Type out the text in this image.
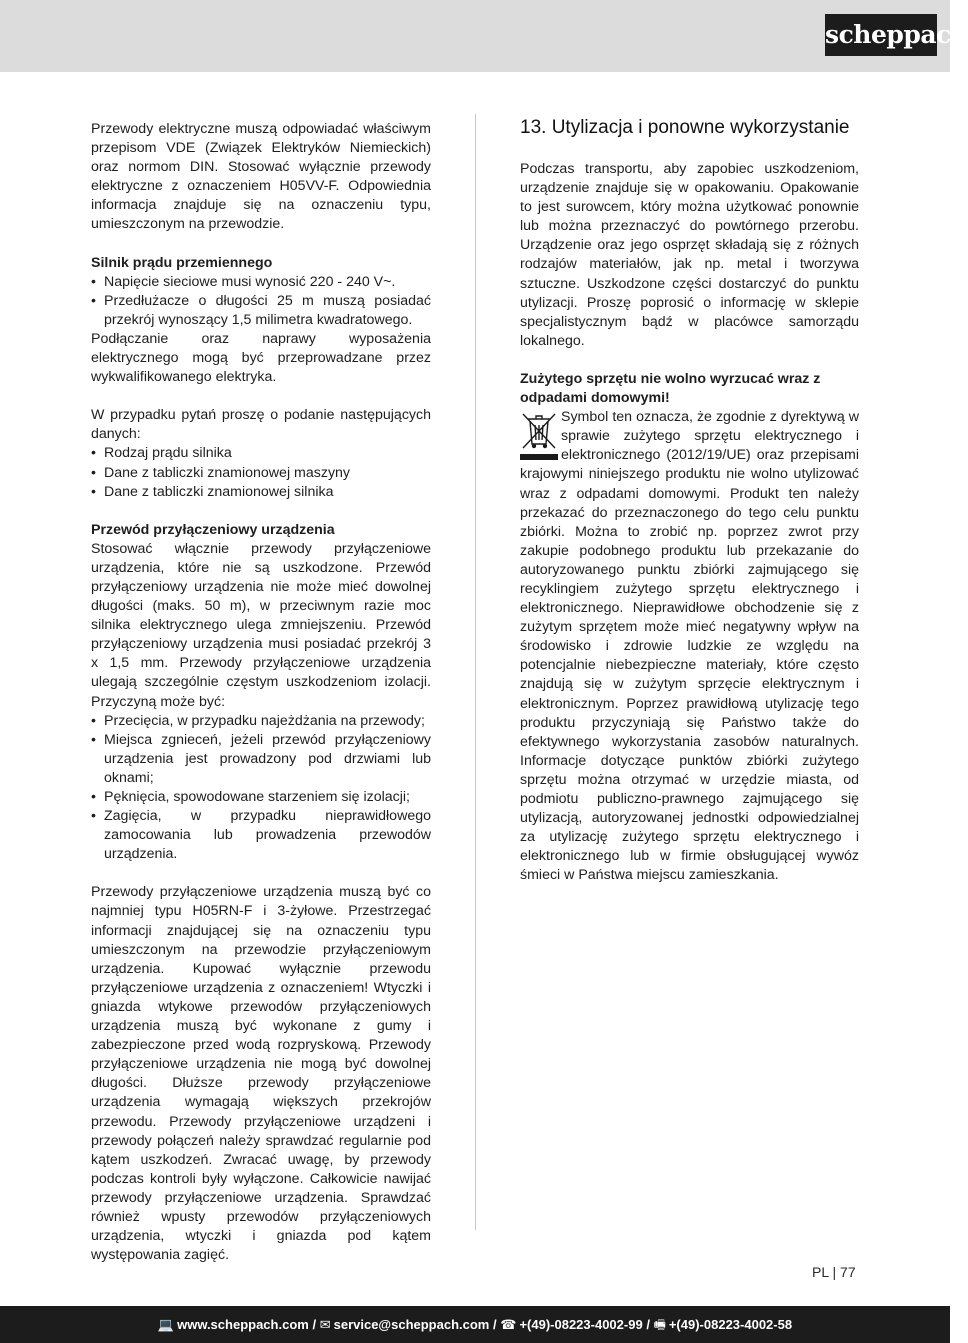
scheppach

Przewody elektryczne muszą odpowiadać właściwym przepisom VDE (Związek Elektryków Niemieckich) oraz normom DIN. Stosować wyłącznie przewody elektryczne z oznaczeniem H05VV-F. Odpowiednia informacja znajduje się na oznaczeniu typu, umieszczonym na przewodzie.

Silnik prądu przemiennego
• Napięcie sieciowe musi wynosić 220 - 240 V~.
• Przedłużacze o długości 25 m muszą posiadać przekrój wynoszący 1,5 milimetra kwadratowego.

Podłączanie oraz naprawy wyposażenia elektrycznego mogą być przeprowadzane przez wykwalifikowanego elektryka.

W przypadku pytań proszę o podanie następujących danych:

• Rodzaj prądu silnika
• Dane z tabliczki znamionowej maszyny
• Dane z tabliczki znamionowej silnika
Przewód przyłączeniowy urządzenia

Stosować włącznie przewody przyłączeniowe urządzenia, które nie są uszkodzone. Przewód przyłączeniowy urządzenia nie może mieć dowolnej długości (maks. 50 m), w przeciwnym razie moc silnika elektrycznego ulega zmniejszeniu. Przewód przyłączeniowy urządzenia musi posiadać przekrój 3 x 1,5 mm. Przewody przyłączeniowe urządzenia ulegają szczególnie częstym uszkodzeniom izolacji. Przyczyną może być:

• Przecięcia, w przypadku najeżdżania na przewody;
• Miejsca zgnieceń, jeżeli przewód przyłączeniowy urządzenia jest prowadzony pod drzwiami lub oknami;
• Pęknięcia, spowodowane starzeniem się izolacji;
• Zagięcia, w przypadku nieprawidłowego zamocowania lub prowadzenia przewodów urządzenia.

Przewody przyłączeniowe urządzenia muszą być co najmniej typu H05RN-F i 3-żyłowe. Przestrzegać informacji znajdującej się na oznaczeniu typu umieszczonym na przewodzie przyłączeniowym urządzenia. Kupować wyłącznie przewodu przyłączeniowe urządzenia z oznaczeniem! Wtyczki i gniazda wtykowe przewodów przyłączeniowych urządzenia muszą być wykonane z gumy i zabezpieczone przed wodą rozpryskową. Przewody przyłączeniowe urządzenia nie mogą być dowolnej długości. Dłuższe przewody przyłączeniowe urządzenia wymagają większych przekrojów przewodu. Przewody przyłączeniowe urządzeni i przewody połączeń należy sprawdzać regularnie pod kątem uszkodzeń. Zwracać uwagę, by przewody podczas kontroli były wyłączone. Całkowicie nawijać przewody przyłączeniowe urządzenia. Sprawdzać również wpusty przewodów przyłączeniowych urządzenia, wtyczki i gniazda pod kątem występowania zagięć.

13. Utylizacja i ponowne wykorzystanie

Podczas transportu, aby zapobiec uszkodzeniom, urządzenie znajduje się w opakowaniu. Opakowanie to jest surowcem, który można użytkować ponownie lub można przeznaczyć do powtórnego przerobu. Urządzenie oraz jego osprzęt składają się z różnych rodzajów materiałów, jak np. metal i tworzywa sztuczne. Uszkodzone części dostarczyć do punktu utylizacji. Proszę poprosić o informację w sklepie specjalistycznym bądź w placówce samorządu lokalnego.

Zużytego sprzętu nie wolno wyrzucać wraz z odpadami domowymi!

Symbol ten oznacza, że zgodnie z dyrektywą w sprawie zużytego sprzętu elektrycznego i elektronicznego (2012/19/UE) oraz przepisami krajowymi niniejszego produktu nie wolno utylizować wraz z odpadami domowymi. Produkt ten należy przekazać do przeznaczonego do tego celu punktu zbiórki. Można to zrobić np. poprzez zwrot przy zakupie podobnego produktu lub przekazanie do autoryzowanego punktu zbiórki zajmującego się recyklingiem zużytego sprzętu elektrycznego i elektronicznego. Nieprawidłowe obchodzenie się z zużytym sprzętem może mieć negatywny wpływ na środowisko i zdrowie ludzkie ze względu na potencjalnie niebezpieczne materiały, które często znajdują się w zużytym sprzęcie elektrycznym i elektronicznym. Poprzez prawidłową utylizację tego produktu przyczyniają się Państwo także do efektywnego wykorzystania zasobów naturalnych. Informacje dotyczące punktów zbiórki zużytego sprzętu można otrzymać w urzędzie miasta, od podmiotu publiczno-prawnego zajmującego się utylizacją, autoryzowanej jednostki odpowiedzialnej za utylizację zużytego sprzętu elektrycznego i elektronicznego lub w firmie obsługującej wywóz śmieci w Państwa miejscu zamieszkania.

PL | 77
💻 www.scheppach.com / ✉ service@scheppach.com / ☎ +(49)-08223-4002-99 / 🖷 +(49)-08223-4002-58
